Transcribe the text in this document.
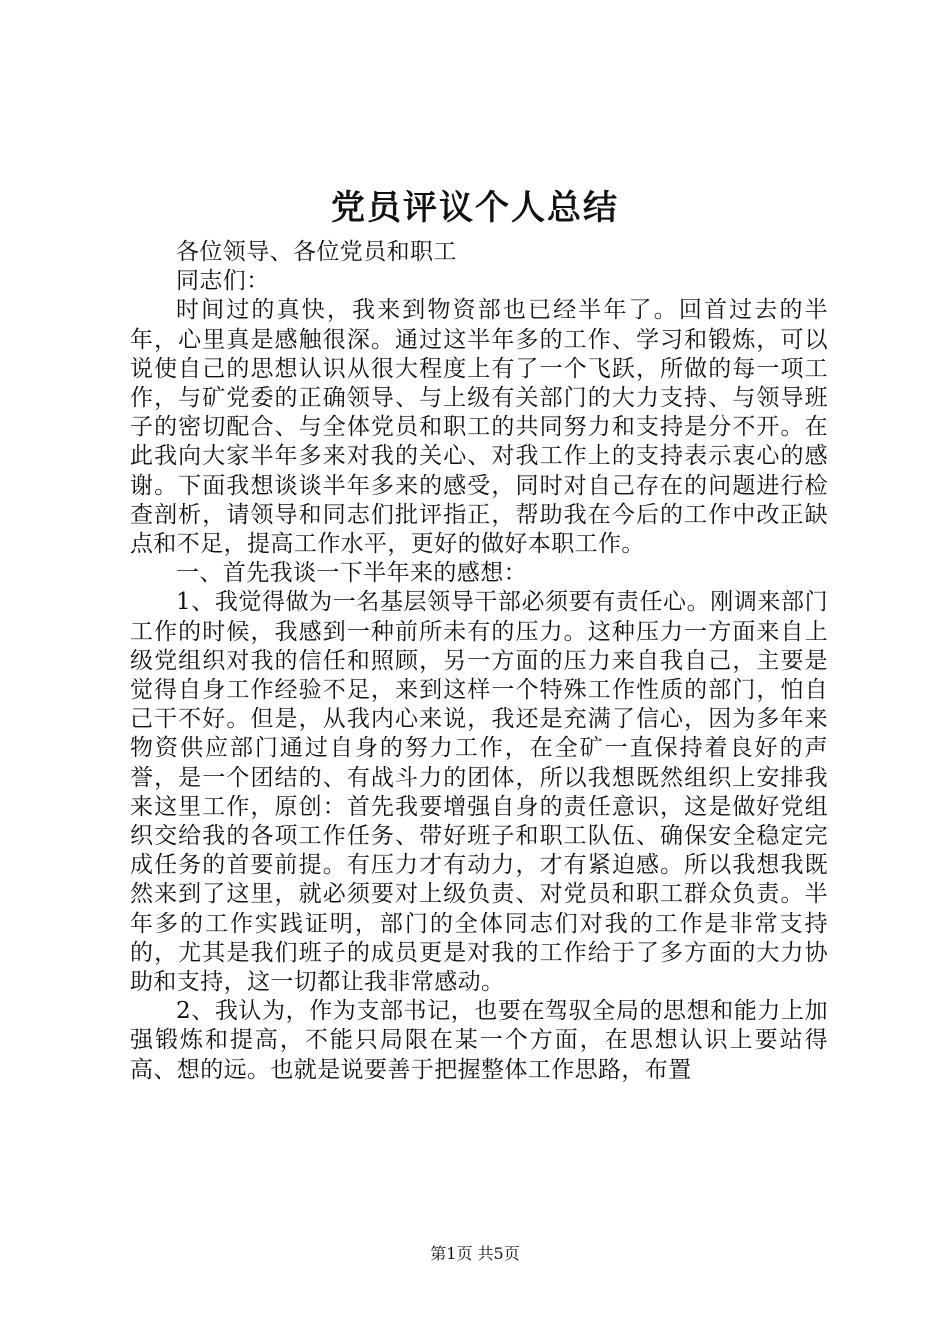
党员评议个人总结

各位领导、各位党员和职工

同志们：

时间过的真快，我来到物资部也已经半年了。回首过去的半年，心里真是感触很深。通过这半年多的工作、学习和锻炼，可以说使自己的思想认识从很大程度上有了一个飞跃，所做的每一项工作，与矿党委的正确领导、与上级有关部门的大力支持、与领导班子的密切配合、与全体党员和职工的共同努力和支持是分不开。在此我向大家半年多来对我的关心、对我工作上的支持表示衷心的感谢。下面我想谈谈半年多来的感受，同时对自己存在的问题进行检查剖析，请领导和同志们批评指正，帮助我在今后的工作中改正缺点和不足，提高工作水平，更好的做好本职工作。

一、首先我谈一下半年来的感想：

1、我觉得做为一名基层领导干部必须要有责任心。刚调来部门工作的时候，我感到一种前所未有的压力。这种压力一方面来自上级党组织对我的信任和照顾，另一方面的压力来自我自己，主要是觉得自身工作经验不足，来到这样一个特殊工作性质的部门，怕自己干不好。但是，从我内心来说，我还是充满了信心，因为多年来物资供应部门通过自身的努力工作，在全矿一直保持着良好的声誉，是一个团结的、有战斗力的团体，所以我想既然组织上安排我来这里工作，原创：首先我要增强自身的责任意识，这是做好党组织交给我的各项工作任务、带好班子和职工队伍、确保安全稳定完成任务的首要前提。有压力才有动力，才有紧迫感。所以我想我既然来到了这里，就必须要对上级负责、对党员和职工群众负责。半年多的工作实践证明，部门的全体同志们对我的工作是非常支持的，尤其是我们班子的成员更是对我的工作给于了多方面的大力协助和支持，这一切都让我非常感动。

2、我认为，作为支部书记，也要在驾驭全局的思想和能力上加强锻炼和提高，不能只局限在某一个方面，在思想认识上要站得高、想的远。也就是说要善于把握整体工作思路，布置

第1页 共5页
